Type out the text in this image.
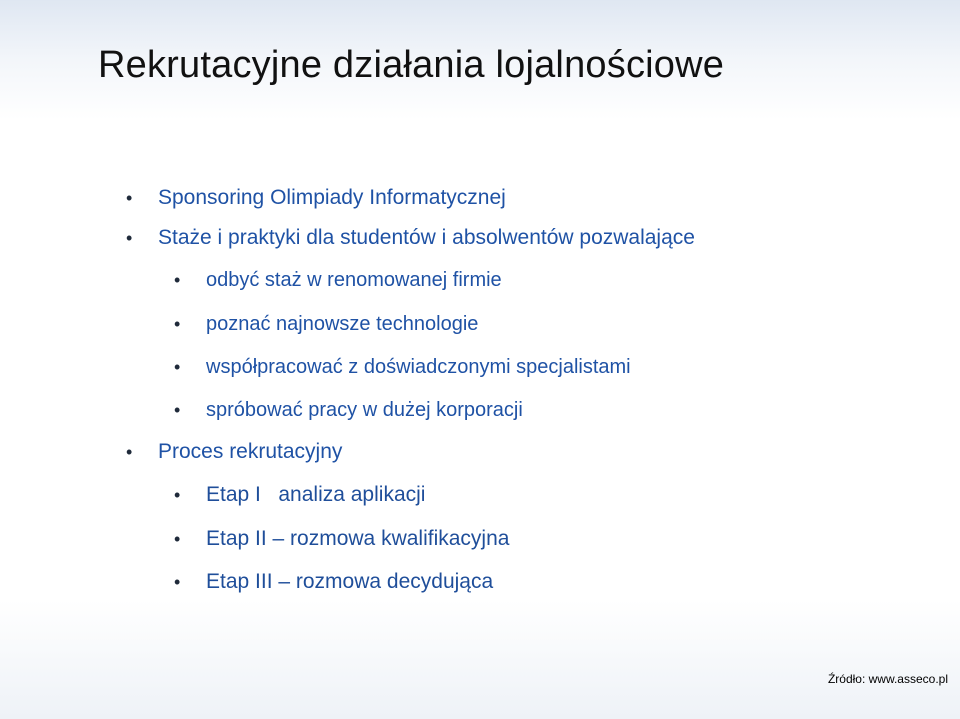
Rekrutacyjne działania lojalnościowe
• Sponsoring Olimpiady Informatycznej
• Staże i praktyki dla studentów i absolwentów pozwalające
• odbyć staż w renomowanej firmie
• poznać najnowsze technologie
• współpracować z doświadczonymi specjalistami
• spróbować pracy w dużej korporacji
• Proces rekrutacyjny
• Etap I   analiza aplikacji
• Etap II – rozmowa kwalifikacyjna
• Etap III – rozmowa decydująca
Źródło: www.asseco.pl
